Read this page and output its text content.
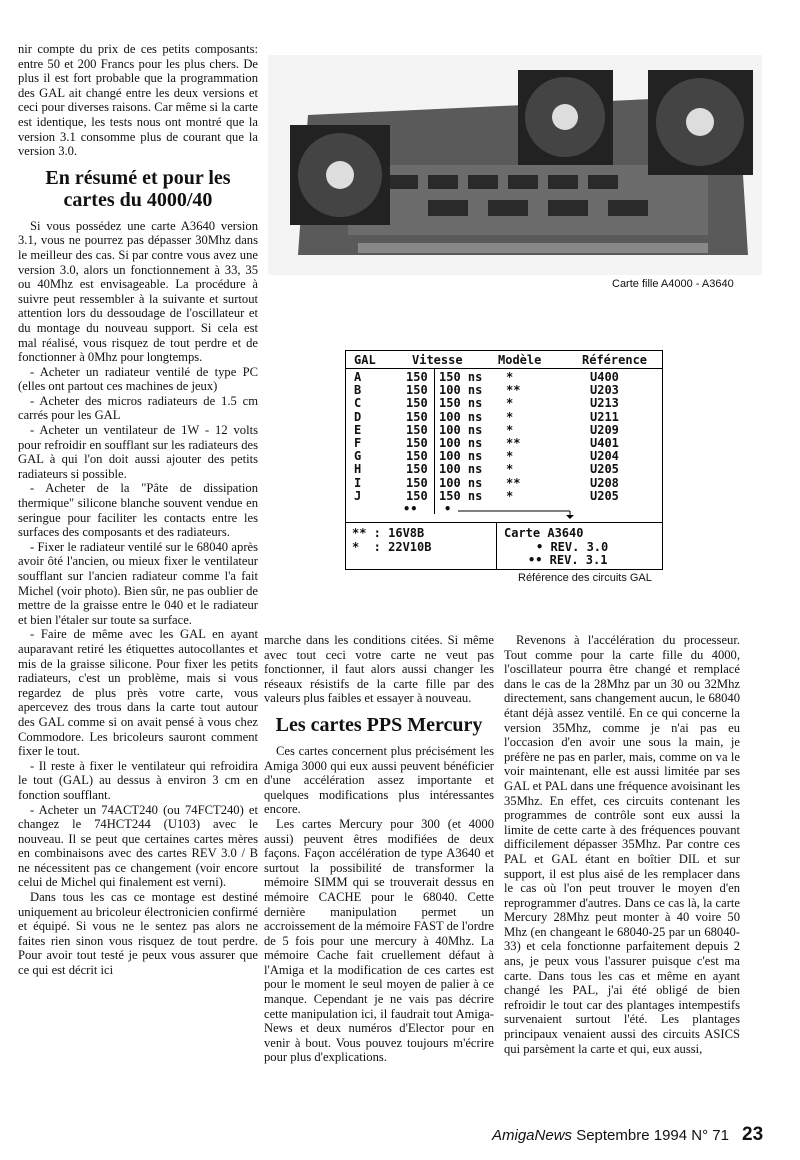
nir compte du prix de ces petits composants: entre 50 et 200 Francs pour les plus chers. De plus il est fort probable que la programmation des GAL ait changé entre les deux versions et ceci pour diverses raisons. Car même si la carte est identique, les tests nous ont montré que la version 3.1 consomme plus de courant que la version 3.0.

En résumé et pour les cartes du 4000/40

Si vous possédez une carte A3640 version 3.1, vous ne pourrez pas dépasser 30Mhz dans le meilleur des cas. Si par contre vous avez une version 3.0, alors un fonctionnement à 33, 35 ou 40Mhz est envisageable. La procédure à suivre peut ressembler à la suivante et surtout attention lors du dessoudage de l'oscillateur et du montage du nouveau support. Si cela est mal réalisé, vous risquez de tout perdre et de fonctionner à 0Mhz pour longtemps.

- Acheter un radiateur ventilé de type PC (elles ont partout ces machines de jeux)

- Acheter des micros radiateurs de 1.5 cm carrés pour les GAL

- Acheter un ventilateur de 1W - 12 volts pour refroidir en soufflant sur les radiateurs des GAL à qui l'on doit aussi ajouter des petits radiateurs si possible.

- Acheter de la "Pâte de dissipation thermique" silicone blanche souvent vendue en seringue pour faciliter les contacts entre les surfaces des composants et des radiateurs.

- Fixer le radiateur ventilé sur le 68040 après avoir ôté l'ancien, ou mieux fixer le ventilateur soufflant sur l'ancien radiateur comme l'a fait Michel (voir photo). Bien sûr, ne pas oublier de mettre de la graisse entre le 040 et le radiateur et bien l'étaler sur toute sa surface.

- Faire de même avec les GAL en ayant auparavant retiré les étiquettes autocollantes et mis de la graisse silicone. Pour fixer les petits radiateurs, c'est un problème, mais si vous regardez de plus près votre carte, vous apercevez des trous dans la carte tout autour des GAL comme si on avait pensé à vous chez Commodore. Les bricoleurs sauront comment fixer le tout.

- Il reste à fixer le ventilateur qui refroidira le tout (GAL) au dessus à environ 3 cm en fonction soufflant.

- Acheter un 74ACT240 (ou 74FCT240) et changez le 74HCT244 (U103) avec le nouveau. Il se peut que certaines cartes mères en combinaisons avec des cartes REV 3.0 / B ne nécessitent pas ce changement (voir encore celui de Michel qui finalement est verni).

Dans tous les cas ce montage est destiné uniquement au bricoleur électronicien confirmé et équipé. Si vous ne le sentez pas alors ne faites rien sinon vous risquez de tout perdre. Pour avoir tout testé je peux vous assurer que ce qui est décrit ici

Carte fille A4000 - A3640
GAL	Vitesse	Modèle	Référence
A	150 150 ns *	U400
B	150 100 ns **	U203
C	150 150 ns *	U213
D	150 100 ns *	U211
E	150 100 ns *	U209
F	150 100 ns **	U401
G	150 100 ns *	U204
H	150 100 ns *	U205
I	150 100 ns **	U208
J	150 150 ns *	U205
•• •
** : 16V8B	Carte A3640
*  : 22V10B	• REV. 3.0
•• REV. 3.1
Référence des circuits GAL

marche dans les conditions citées. Si même avec tout ceci votre carte ne veut pas fonctionner, il faut alors aussi changer les réseaux résistifs de la carte fille par des valeurs plus faibles et essayer à nouveau.

Les cartes PPS Mercury

Ces cartes concernent plus précisément les Amiga 3000 qui eux aussi peuvent bénéficier d'une accélération assez importante et quelques modifications plus intéressantes encore.

Les cartes Mercury pour 300 (et 4000 aussi) peuvent êtres modifiées de deux façons. Façon accélération de type A3640 et surtout la possibilité de transformer la mémoire SIMM qui se trouverait dessus en mémoire CACHE pour le 68040. Cette dernière manipulation permet un accroissement de la mémoire FAST de l'ordre de 5 fois pour une mercury à 40Mhz. La mémoire Cache fait cruellement défaut à l'Amiga et la modification de ces cartes est pour le moment le seul moyen de palier à ce manque. Cependant je ne vais pas décrire cette manipulation ici, il faudrait tout Amiga-News et deux numéros d'Elector pour en venir à bout. Vous pouvez toujours m'écrire pour plus d'explications.

Revenons à l'accélération du processeur. Tout comme pour la carte fille du 4000, l'oscillateur pourra être changé et remplacé dans le cas de la 28Mhz par un 30 ou 32Mhz directement, sans changement aucun, le 68040 étant déjà assez ventilé. En ce qui concerne la version 35Mhz, comme je n'ai pas eu l'occasion d'en avoir une sous la main, je préfère ne pas en parler, mais, comme on va le voir maintenant, elle est aussi limitée par ses GAL et PAL dans une fréquence avoisinant les 35Mhz. En effet, ces circuits contenant les programmes de contrôle sont eux aussi la limite de cette carte à des fréquences pouvant difficilement dépasser 35Mhz. Par contre ces PAL et GAL étant en boîtier DIL et sur support, il est plus aisé de les remplacer dans le cas où l'on peut trouver le moyen d'en reprogrammer d'autres. Dans ce cas là, la carte Mercury 28Mhz peut monter à 40 voire 50 Mhz (en changeant le 68040-25 par un 68040-33) et cela fonctionne parfaitement depuis 2 ans, je peux vous l'assurer puisque c'est ma carte. Dans tous les cas et même en ayant changé les PAL, j'ai été obligé de bien refroidir le tout car des plantages intempestifs survenaient surtout l'été. Les plantages principaux venaient aussi des circuits ASICS qui parsèment la carte et qui, eux aussi,

AmigaNews Septembre 1994 N° 71 23
